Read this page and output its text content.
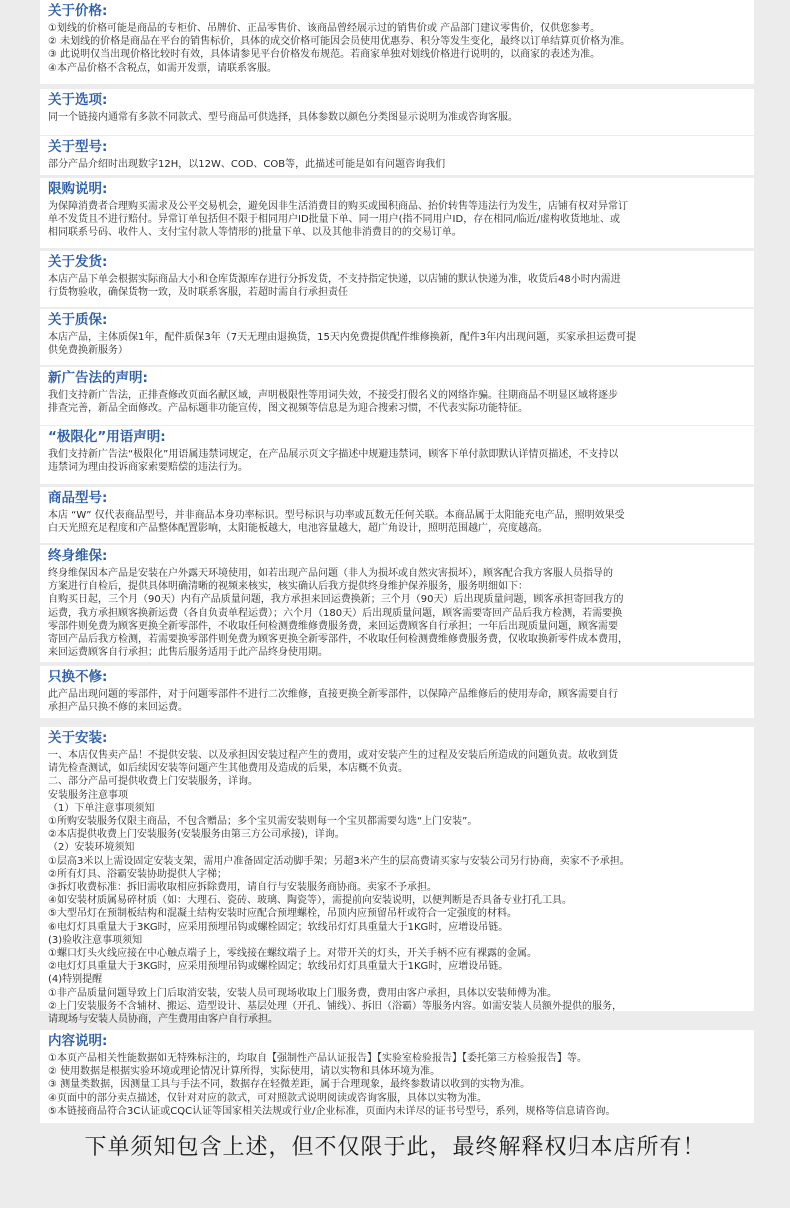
关于价格:
①划线的价格可能是商品的专柜价、吊牌价、正品零售价、该商品曾经展示过的销售价或 产品部门建议零售价，仅供您参考。
② 未划线的价格是商品在平台的销售标价，具体的成交价格可能因会员使用优惠券、积分等发生变化，最终以订单结算页价格为准。
③ 此说明仅当出现价格比较时有效，具体请参见平台价格发布规范。若商家单独对划线价格进行说明的，以商家的表述为准。
④本产品价格不含税点，如需开发票，请联系客服。
关于选项:
同一个链接内通常有多款不同款式、型号商品可供选择，具体参数以颜色分类图显示说明为准或咨询客服。
关于型号:
部分产品介绍时出现数字12H，以12W、COD、COB等，此描述可能是如有问题咨询我们
限购说明:
为保障消费者合理购买需求及公平交易机会，避免因非生活消费目的购买或囤积商品、抬价转售等违法行为发生，店铺有权对异常订
单不发货且不进行赔付。异常订单包括但不限于相同用户ID批量下单、同一用户(指不同用户ID，存在相同/临近/虚构收货地址、或
相同联系号码、收件人、支付宝付款人等情形的)批量下单、以及其他非消费目的的交易订单。
关于发货:
本店产品下单会根据实际商品大小和仓库货源库存进行分拆发货，不支持指定快递，以店铺的默认快递为准，收货后48小时内需进
行货物验收，确保货物一致，及时联系客服，若超时需自行承担责任
关于质保:
本店产品，主体质保1年，配件质保3年（7天无理由退换货，15天内免费提供配件维修换新，配件3年内出现问题，买家承担运费可提
供免费换新服务）
新广告法的声明:
我们支持新广告法，正排查修改页面名献区域，声明极限性等用词失效，不接受打假名义的网络诈骗。往期商品不明显区域将逐步
排查完善，新品全面修改。产品标题非功能宣传，图文视频等信息是为迎合搜索习惯，不代表实际功能特征。
“极限化”用语声明:
我们支持新广告法“极限化”用语属违禁词规定，在产品展示页文字描述中规避违禁词，顾客下单付款即默认详情页描述，不支持以
违禁词为理由投诉商家索要赔偿的违法行为。
商品型号:
本店 “W” 仅代表商品型号，并非商品本身功率标识。型号标识与功率或瓦数无任何关联。本商品属于太阳能充电产品，照明效果受
白天光照充足程度和产品整体配置影响，太阳能板越大，电池容量越大，超广角设计，照明范围越广，亮度越高。
终身维保:
终身维保因本产品是安装在户外露天环境使用，如若出现产品问题（非人为损坏或自然灾害损坏），顾客配合我方客服人员指导的
方案进行自检后，提供具体明确清晰的视频来核实，核实确认后我方提供终身维护保养服务，服务明细如下：
自购买日起，三个月（90天）内有产品质量问题，我方承担来回运费换新；三个月（90天）后出现质量问题，顾客承担寄回我方的
运费，我方承担顾客换新运费（各自负责单程运费）；六个月（180天）后出现质量问题，顾客需要寄回产品后我方检测，若需要换
零部件则免费为顾客更换全新零部件，不收取任何检测费维修费服务费，来回运费顾客自行承担；一年后出现质量问题，顾客需要
寄回产品后我方检测，若需要换零部件则免费为顾客更换全新零部件，不收取任何检测费维修费服务费，仅收取换新零件成本费用，
来回运费顾客自行承担；此售后服务适用于此产品终身使用期。
只换不修:
此产品出现问题的零部件，对于问题零部件不进行二次维修，直接更换全新零部件，以保障产品维修后的使用寿命，顾客需要自行
承担产品只换不修的来回运费。
关于安装:
一、本店仅售卖产品！不提供安装、以及承担因安装过程产生的费用，或对安装产生的过程及安装后所造成的问题负责。故收到货
请先检查测试，如后续因安装等问题产生其他费用及造成的后果，本店概不负责。
二、部分产品可提供收费上门安装服务，详询。
安装服务注意事项
（1）下单注意事项须知
①所购安装服务仅限主商品，不包含赠品；多个宝贝需安装则每一个宝贝都需要勾选“上门安装”。
②本店提供收费上门安装服务(安装服务由第三方公司承接)，详询。
（2）安装环境须知
①层高3米以上需设固定安装支架，需用户准备固定活动脚手架；另超3米产生的层高费请买家与安装公司另行协商，卖家不予承担。
②所有灯具、浴霸安装协助提供人字梯；
③拆灯收费标准：拆旧需收取相应拆除费用，请自行与安装服务商协商。卖家不予承担。
④如安装材质属易碎材质（如：大理石、瓷砖、玻璃、陶瓷等），需提前向安装说明，以便判断是否具备专业打孔工具。
⑤大型吊灯在预制板结构和混凝土结构安装时应配合预埋螺栓，吊顶内应预留吊杆或符合一定强度的材料。
⑥电灯灯具重量大于3KG时，应采用预埋吊钩或螺栓固定；软线吊灯灯具重量大于1KG时，应增设吊链。
(3)验收注意事项须知
①螺口灯头火线应接在中心触点端子上，零线接在螺纹端子上。对带开关的灯头，开关手柄不应有裸露的金属。
②电灯灯具重量大于3KG时，应采用预埋吊钩或螺栓固定；软线吊灯灯具重量大于1KG时，应增设吊链。
(4)特别提醒
①非产品质量问题导致上门后取消安装，安装人员可现场收取上门服务费，费用由客户承担，具体以安装师傅为准。
②上门安装服务不含辅材、搬运、造型设计、基层处理（开孔、铺线）、拆旧（浴霸）等服务内容。如需安装人员额外提供的服务，
请现场与安装人员协商，产生费用由客户自行承担。
内容说明:
①本页产品相关性能数据如无特殊标注的，均取自【强制性产品认证报告】【实验室检验报告】【委托第三方检验报告】等。
② 使用数据是根据实验环境或理论情况计算所得，实际使用，请以实物和具体环境为准。
③ 测量类数据，因测量工具与手法不同，数据存在轻微差距，属于合理现象，最终参数请以收到的实物为准。
④页面中的部分卖点描述，仅针对对应的款式，可对照款式说明阅读或咨询客服，具体以实物为准。
⑤本链接商品符合3C认证或CQC认证等国家相关法规或行业/企业标准，页面内未详尽的证书号型号，系列，规格等信息请咨询。
下单须知包含上述，但不仅限于此，最终解释权归本店所有！
